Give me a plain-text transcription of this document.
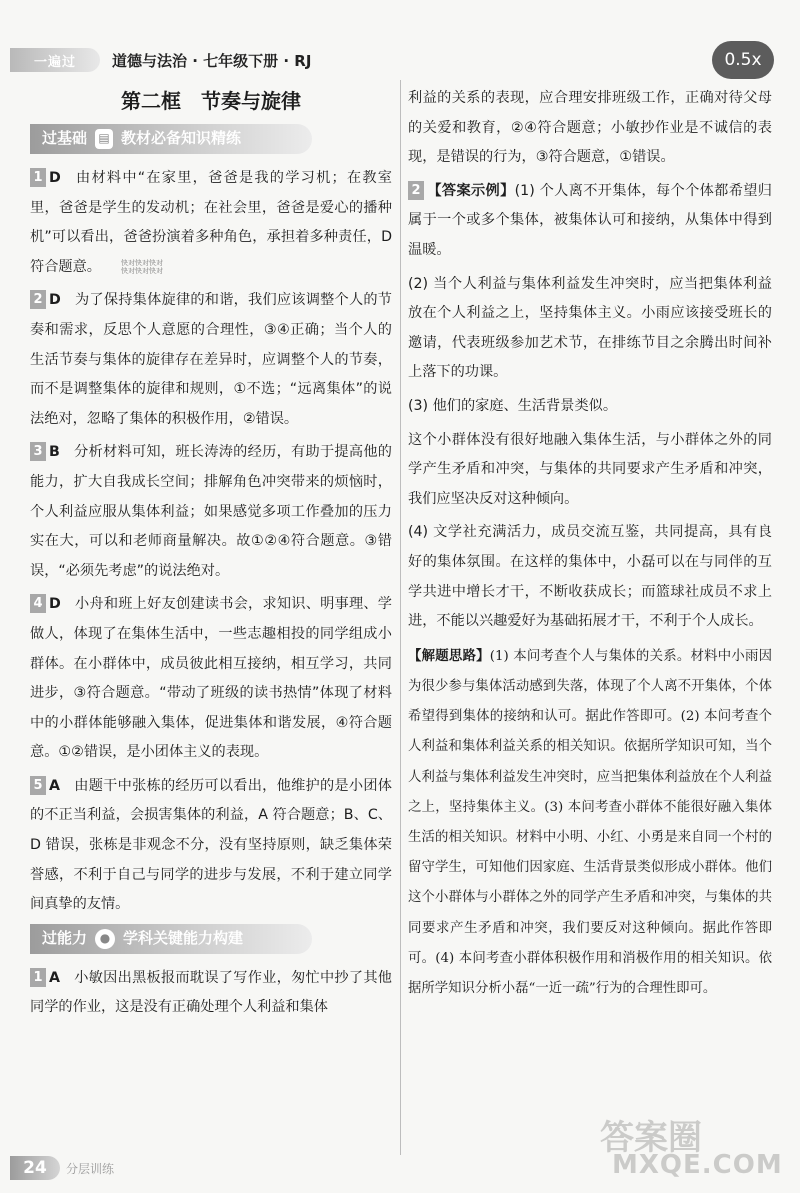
一遍过	道德与法治 · 七年级下册 · RJ	0.5x
第二框　节奏与旋律
过基础 ▤ 教材必备知识精练
1 D 由材料中“在家里，爸爸是我的学习机；在教室里，爸爸是学生的发动机；在社会里，爸爸是爱心的播种机”可以看出，爸爸扮演着多种角色，承担着多种责任，D 符合题意。	快对快对快对
快对快对快对
2 D 为了保持集体旋律的和谐，我们应该调整个人的节奏和需求，反思个人意愿的合理性，③④正确；当个人的生活节奏与集体的旋律存在差异时，应调整个人的节奏，而不是调整集体的旋律和规则，①不选；“远离集体”的说法绝对，忽略了集体的积极作用，②错误。
3 B 分析材料可知，班长涛涛的经历，有助于提高他的能力，扩大自我成长空间；排解角色冲突带来的烦恼时，个人利益应服从集体利益；如果感觉多项工作叠加的压力实在大，可以和老师商量解决。故①②④符合题意。③错误，“必须先考虑”的说法绝对。
4 D 小舟和班上好友创建读书会，求知识、明事理、学做人，体现了在集体生活中，一些志趣相投的同学组成小群体。在小群体中，成员彼此相互接纳，相互学习，共同进步，③符合题意。“带动了班级的读书热情”体现了材料中的小群体能够融入集体，促进集体和谐发展，④符合题意。①②错误，是小团体主义的表现。
5 A 由题干中张栋的经历可以看出，他维护的是小团体的不正当利益，会损害集体的利益，A 符合题意；B、C、D 错误，张栋是非观念不分，没有坚持原则，缺乏集体荣誉感，不利于自己与同学的进步与发展，不利于建立同学间真挚的友情。
过能力	● 学科关键能力构建
1 A 小敏因出黑板报而耽误了写作业，匆忙中抄了其他同学的作业，这是没有正确处理个人利益和集体
利益的关系的表现，应合理安排班级工作，正确对待父母的关爱和教育，②④符合题意；小敏抄作业是不诚信的表现，是错误的行为，③符合题意，①错误。
2 【答案示例】(1) 个人离不开集体，每个个体都希望归属于一个或多个集体，被集体认可和接纳，从集体中得到温暖。
(2) 当个人利益与集体利益发生冲突时，应当把集体利益放在个人利益之上，坚持集体主义。小雨应该接受班长的邀请，代表班级参加艺术节，在排练节目之余腾出时间补上落下的功课。
(3) 他们的家庭、生活背景类似。
这个小群体没有很好地融入集体生活，与小群体之外的同学产生矛盾和冲突，与集体的共同要求产生矛盾和冲突，我们应坚决反对这种倾向。
(4) 文学社充满活力，成员交流互鉴，共同提高，具有良好的集体氛围。在这样的集体中，小磊可以在与同伴的互学共进中增长才干，不断收获成长；而篮球社成员不求上进，不能以兴趣爱好为基础拓展才干，不利于个人成长。
【解题思路】(1) 本问考查个人与集体的关系。材料中小雨因为很少参与集体活动感到失落，体现了个人离不开集体，个体希望得到集体的接纳和认可。据此作答即可。(2) 本问考查个人利益和集体利益关系的相关知识。依据所学知识可知，当个人利益与集体利益发生冲突时，应当把集体利益放在个人利益之上，坚持集体主义。(3) 本问考查小群体不能很好融入集体生活的相关知识。材料中小明、小红、小勇是来自同一个村的留守学生，可知他们因家庭、生活背景类似形成小群体。他们这个小群体与小群体之外的同学产生矛盾和冲突，与集体的共同要求产生矛盾和冲突，我们要反对这种倾向。据此作答即可。(4) 本问考查小群体积极作用和消极作用的相关知识。依据所学知识分析小磊“一近一疏”行为的合理性即可。
24	分层训练
答案圈
MXQE.COM
